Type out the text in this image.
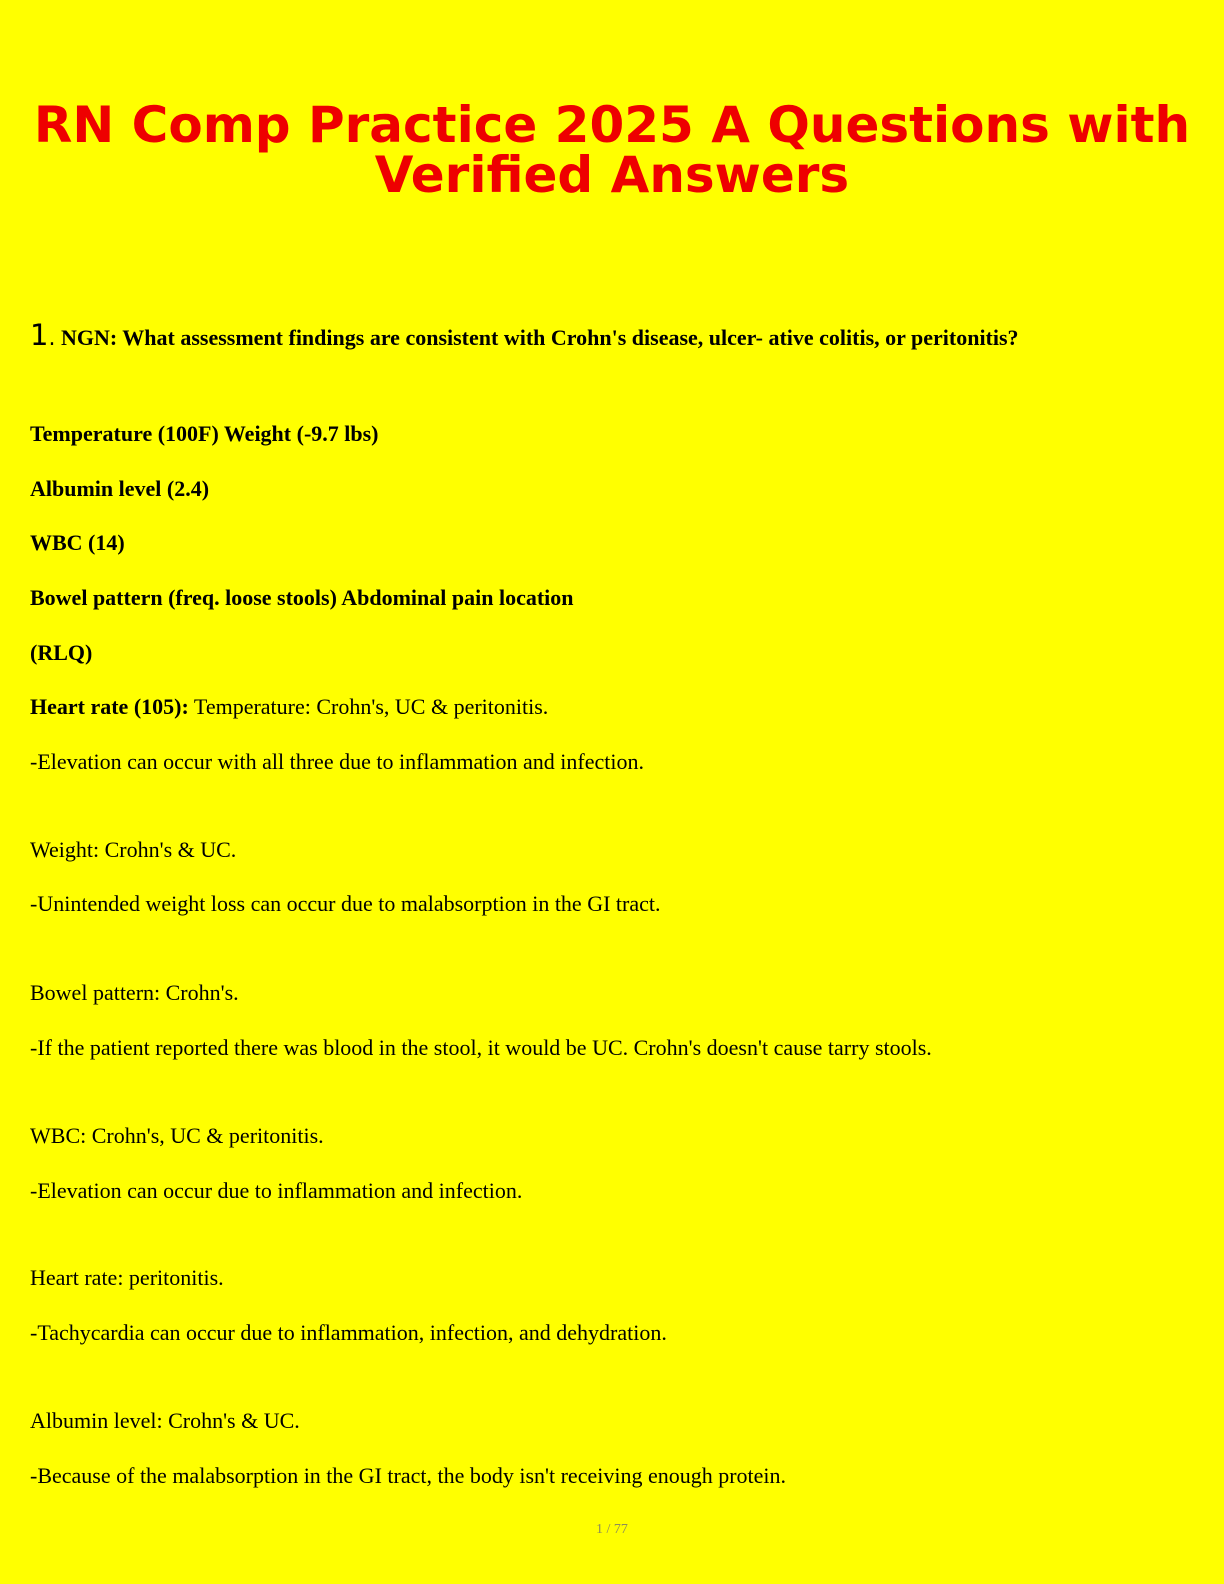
RN Comp Practice 2025 A Questions with
Verified Answers

1. NGN: What assessment findings are consistent with Crohn's disease, ulcer- ative colitis, or peritonitis?

Temperature (100F) Weight (-9.7 lbs)

Albumin level (2.4)

WBC (14)

Bowel pattern (freq. loose stools) Abdominal pain location

(RLQ)

Heart rate (105): Temperature: Crohn's, UC & peritonitis.

-Elevation can occur with all three due to inflammation and infection.

Weight: Crohn's & UC.

-Unintended weight loss can occur due to malabsorption in the GI tract.

Bowel pattern: Crohn's.

-If the patient reported there was blood in the stool, it would be UC. Crohn's doesn't cause tarry stools.

WBC: Crohn's, UC & peritonitis.

-Elevation can occur due to inflammation and infection.

Heart rate: peritonitis.

-Tachycardia can occur due to inflammation, infection, and dehydration.

Albumin level: Crohn's & UC.

-Because of the malabsorption in the GI tract, the body isn't receiving enough protein.

1 / 77
